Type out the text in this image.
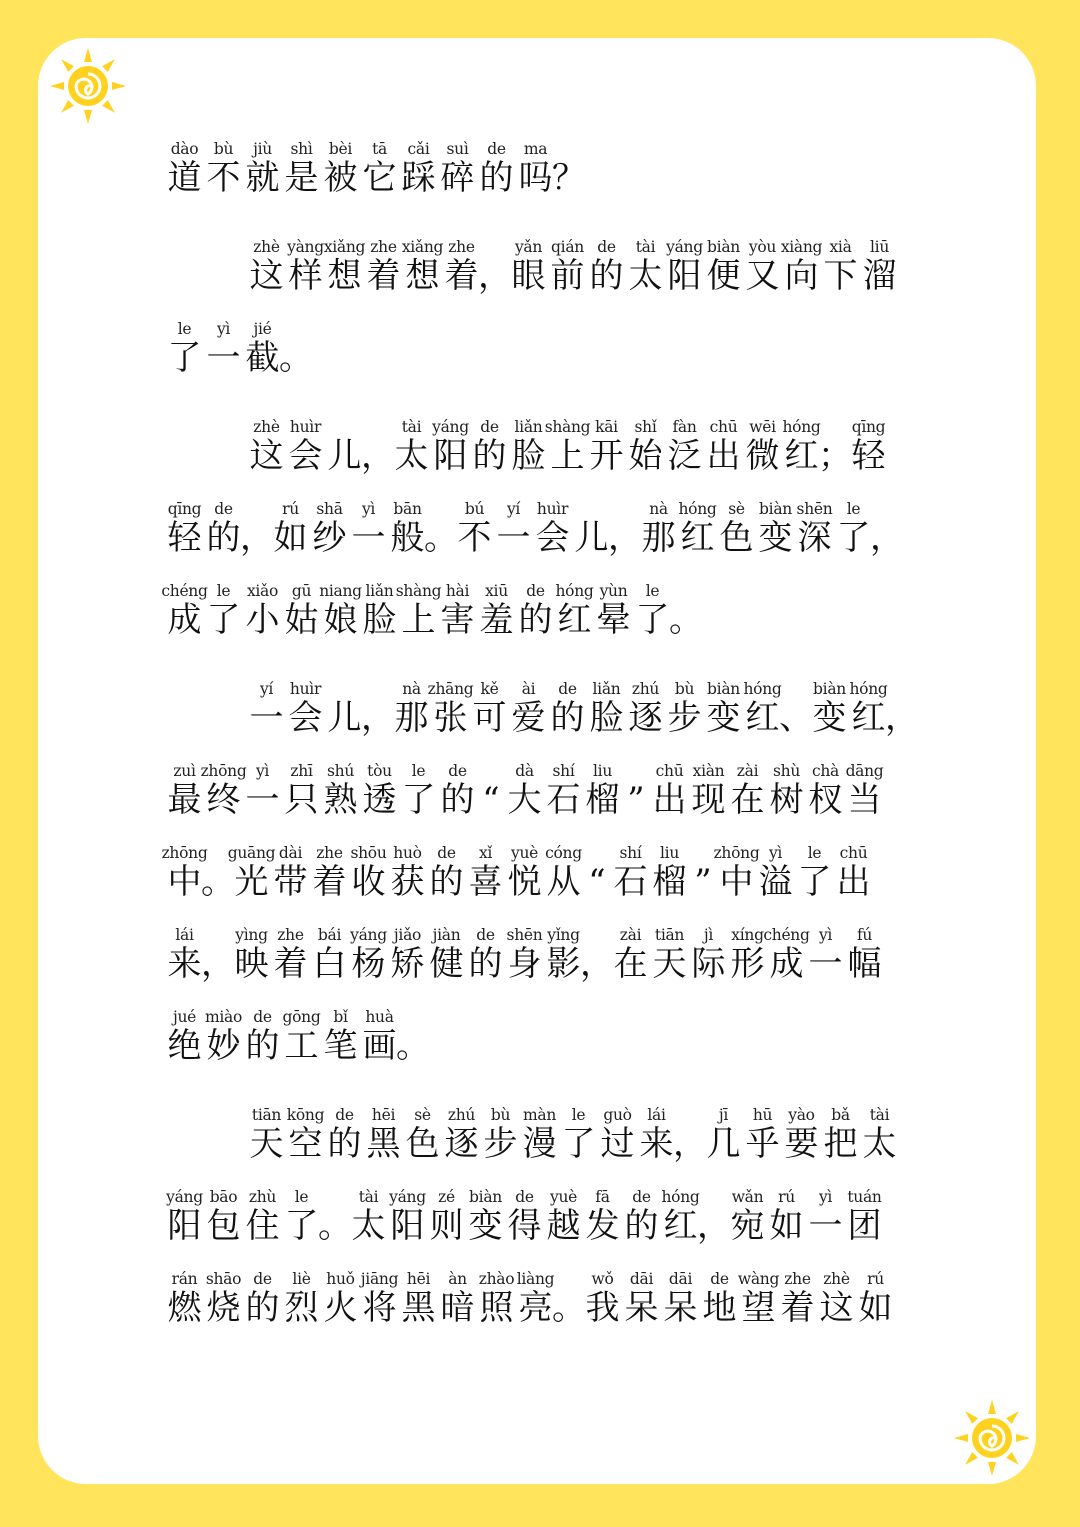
dào
道
bù
不
jiù
就
shì
是
bèi
被
tā
它
cǎi
踩
suì
碎
de
的
ma
吗 ？
zhè
这
yàng
样
xiǎng
想
zhe
着
xiǎng
想
zhe
着 ，
yǎn
眼
qián
前
de
的
tài
太
yáng
阳
biàn
便
yòu
又
xiàng
向
xià
下
liū
溜
le
了
yì
一
jié
截 。
zhè
这
huìr
会 儿 ，
tài
太
yáng
阳
de
的
liǎn
脸
shàng
上
kāi
开
shǐ
始
fàn
泛
chū
出
wēi
微
hóng
红 ；
qīng
轻
qīng
轻
de
的 ，
rú
如
shā
纱
yì
一
bān
般 。
bú
不
yí
一
huìr
会 儿 ，
nà
那
hóng
红
sè
色
biàn
变
shēn
深
le
了 ，
chéng
成
le
了
xiǎo
小
gū
姑
niang
娘
liǎn
脸
shàng
上
hài
害
xiū
羞
de
的
hóng
红
yùn
晕
le
了 。
yí
一
huìr
会 儿 ，
nà
那
zhāng
张
kě
可
ài
爱
de
的
liǎn
脸
zhú
逐
bù
步
biàn
变
hóng
红 、
biàn
变
hóng
红 ，
zuì
最
zhōng
终
yì
一
zhī
只
shú
熟
tòu
透
le
了
de
的 “
dà
大
shí
石
liu
榴 ”
chū
出
xiàn
现
zài
在
shù
树
chà
杈
dāng
当
zhōng
中 。
guāng
光
dài
带
zhe
着
shōu
收
huò
获
de
的
xǐ
喜
yuè
悦
cóng
从 “
shí
石
liu
榴 ”
zhōng
中
yì
溢
le
了
chū
出
lái
来 ，
yìng
映
zhe
着
bái
白
yáng
杨
jiǎo
矫
jiàn
健
de
的
shēn
身
yǐng
影 ，
zài
在
tiān
天
jì
际
xíng
形
chéng
成
yì
一
fú
幅
jué
绝
miào
妙
de
的
gōng
工
bǐ
笔
huà
画 。
tiān
天
kōng
空
de
的
hēi
黑
sè
色
zhú
逐
bù
步
màn
漫
le
了
guò
过
lái
来 ，
jī
几
hū
乎
yào
要
bǎ
把
tài
太
yáng
阳
bāo
包
zhù
住
le
了 。
tài
太
yáng
阳
zé
则
biàn
变
de
得
yuè
越
fā
发
de
的
hóng
红 ，
wǎn
宛
rú
如
yì
一
tuán
团
rán
燃
shāo
烧
de
的
liè
烈
huǒ
火
jiāng
将
hēi
黑
àn
暗
zhào
照
liàng
亮 。
wǒ
我
dāi
呆
dāi
呆
de
地
wàng
望
zhe
着
zhè
这
rú
如
